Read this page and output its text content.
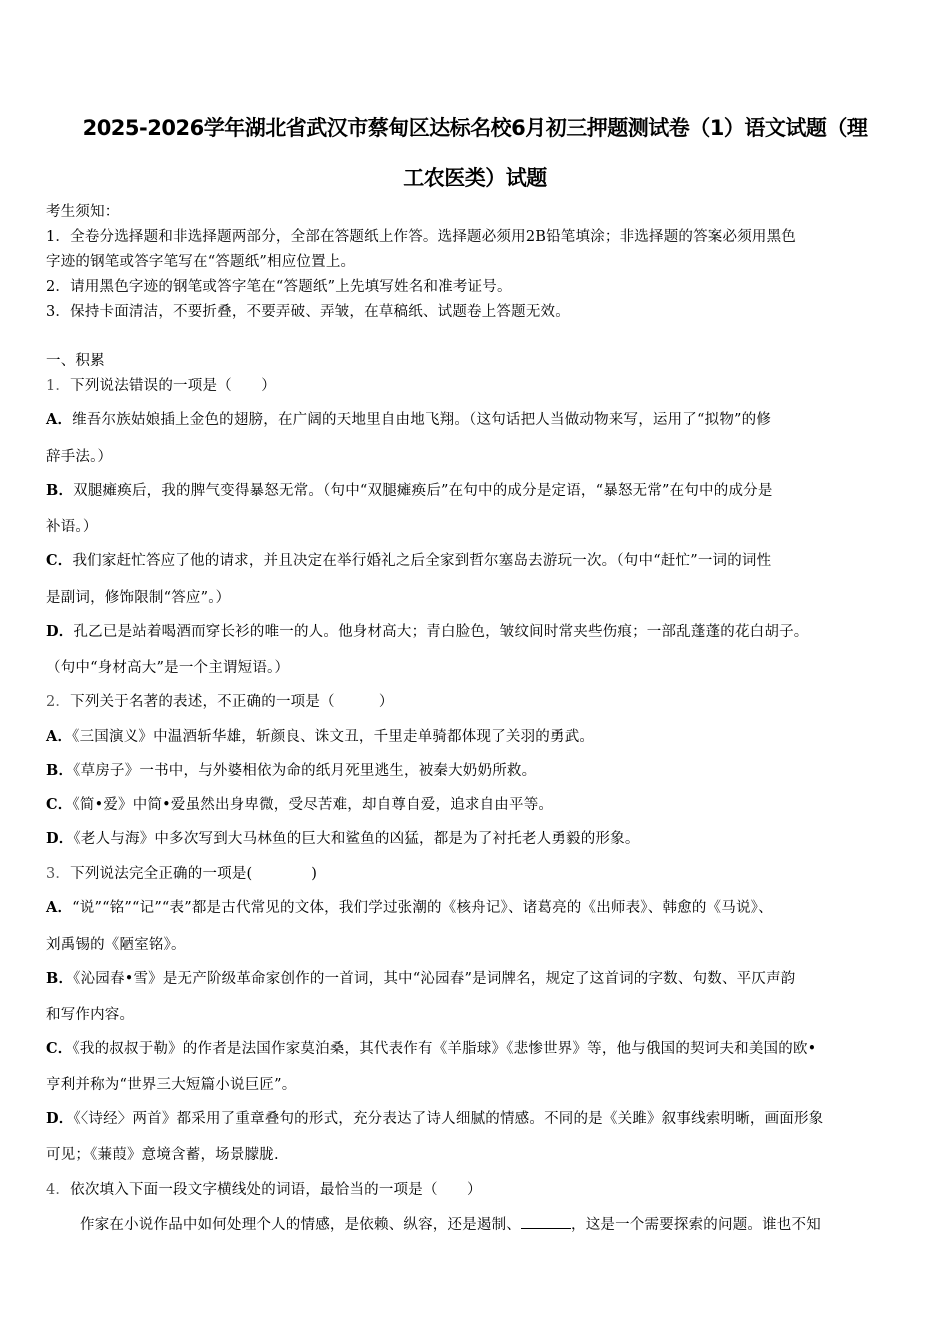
2025-2026学年湖北省武汉市蔡甸区达标名校6月初三押题测试卷（1）语文试题（理
工农医类）试题
考生须知：
1．全卷分选择题和非选择题两部分，全部在答题纸上作答。选择题必须用2B铅笔填涂；非选择题的答案必须用黑色
字迹的钢笔或答字笔写在“答题纸”相应位置上。
2．请用黑色字迹的钢笔或答字笔在“答题纸”上先填写姓名和准考证号。
3．保持卡面清洁，不要折叠，不要弄破、弄皱，在草稿纸、试题卷上答题无效。
一、积累
1．下列说法错误的一项是（　　）
A．维吾尔族姑娘插上金色的翅膀，在广阔的天地里自由地飞翔。（这句话把人当做动物来写，运用了“拟物”的修
辞手法。）
B．双腿瘫痪后，我的脾气变得暴怒无常。（句中“双腿瘫痪后”在句中的成分是定语，“暴怒无常”在句中的成分是
补语。）
C．我们家赶忙答应了他的请求，并且决定在举行婚礼之后全家到哲尔塞岛去游玩一次。（句中“赶忙”一词的词性
是副词，修饰限制“答应”。）
D．孔乙已是站着喝酒而穿长衫的唯一的人。他身材高大；青白脸色，皱纹间时常夹些伤痕；一部乱蓬蓬的花白胡子。
（句中“身材高大”是一个主谓短语。）
2．下列关于名著的表述，不正确的一项是（　　　）
A．《三国演义》中温酒斩华雄，斩颜良、诛文丑，千里走单骑都体现了关羽的勇武。
B．《草房子》一书中，与外婆相依为命的纸月死里逃生，被秦大奶奶所救。
C．《简•爱》中简•爱虽然出身卑微，受尽苦难，却自尊自爱，追求自由平等。
D．《老人与海》中多次写到大马林鱼的巨大和鲨鱼的凶猛，都是为了衬托老人勇毅的形象。
3．下列说法完全正确的一项是(　　　　)
A．“说”“铭”“记”“表”都是古代常见的文体，我们学过张潮的《核舟记》、诸葛亮的《出师表》、韩愈的《马说》、
刘禹锡的《陋室铭》。
B．《沁园春•雪》是无产阶级革命家创作的一首词，其中“沁园春”是词牌名，规定了这首词的字数、句数、平仄声韵
和写作内容。
C．《我的叔叔于勒》的作者是法国作家莫泊桑，其代表作有《羊脂球》《悲惨世界》等，他与俄国的契诃夫和美国的欧•
亨利并称为“世界三大短篇小说巨匠”。
D．《〈诗经〉两首》都采用了重章叠句的形式，充分表达了诗人细腻的情感。不同的是《关雎》叙事线索明晰，画面形象
可见；《蒹葭》意境含蓄，场景朦胧.
4．依次填入下面一段文字横线处的词语，最恰当的一项是（　　）
作家在小说作品中如何处理个人的情感，是依赖、纵容，还是遏制、	，这是一个需要探索的问题。谁也不知
